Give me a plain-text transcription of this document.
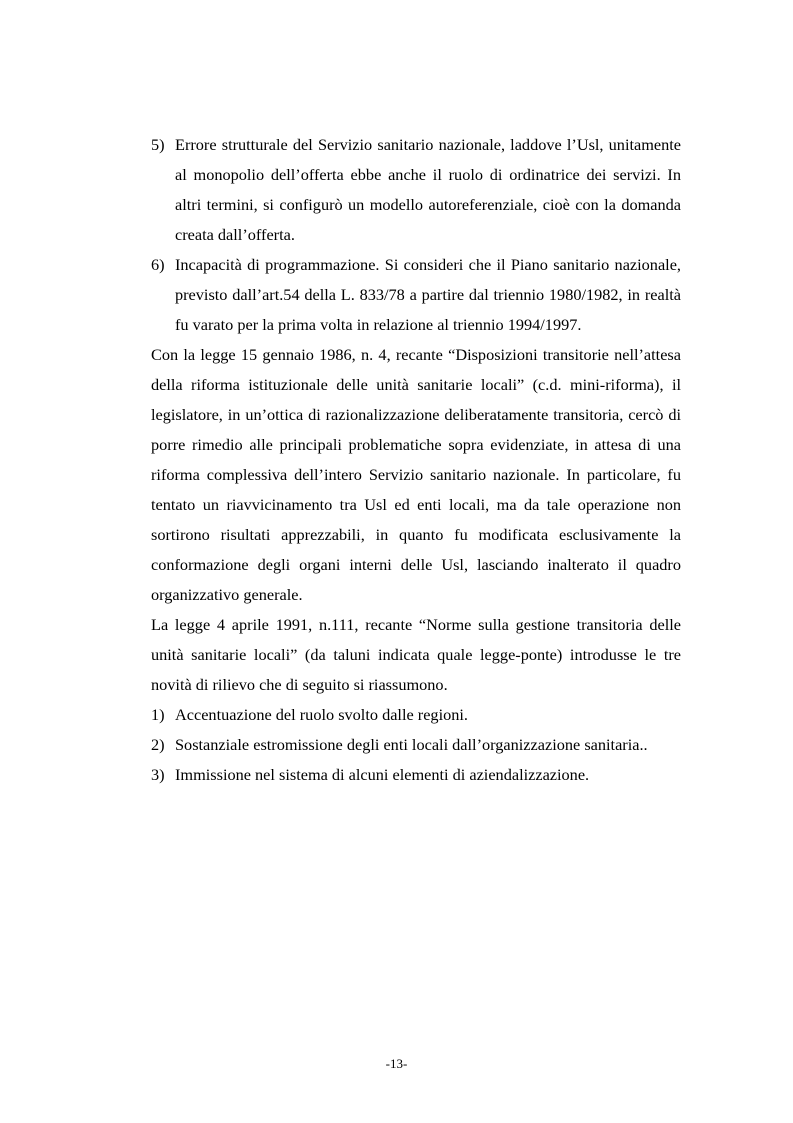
5) Errore strutturale del Servizio sanitario nazionale, laddove l’Usl, unitamente al monopolio dell’offerta ebbe anche il ruolo di ordinatrice dei servizi. In altri termini, si configurò un modello autoreferenziale, cioè con la domanda creata dall’offerta.
6) Incapacità di programmazione. Si consideri che il Piano sanitario nazionale, previsto dall’art.54 della L. 833/78 a partire dal triennio 1980/1982, in realtà fu varato per la prima volta in relazione al triennio 1994/1997.

Con la legge 15 gennaio 1986, n. 4, recante “Disposizioni transitorie nell’attesa della riforma istituzionale delle unità sanitarie locali” (c.d. mini-riforma), il legislatore, in un’ottica di razionalizzazione deliberatamente transitoria, cercò di porre rimedio alle principali problematiche sopra evidenziate, in attesa di una riforma complessiva dell’intero Servizio sanitario nazionale. In particolare, fu tentato un riavvicinamento tra Usl ed enti locali, ma da tale operazione non sortirono risultati apprezzabili, in quanto fu modificata esclusivamente la conformazione degli organi interni delle Usl, lasciando inalterato il quadro organizzativo generale.

La legge 4 aprile 1991, n.111, recante “Norme sulla gestione transitoria delle unità sanitarie locali” (da taluni indicata quale legge-ponte) introdusse le tre novità di rilievo che di seguito si riassumono.

1) Accentuazione del ruolo svolto dalle regioni.
2) Sostanziale estromissione degli enti locali dall’organizzazione sanitaria..
3) Immissione nel sistema di alcuni elementi di aziendalizzazione.
-13-
